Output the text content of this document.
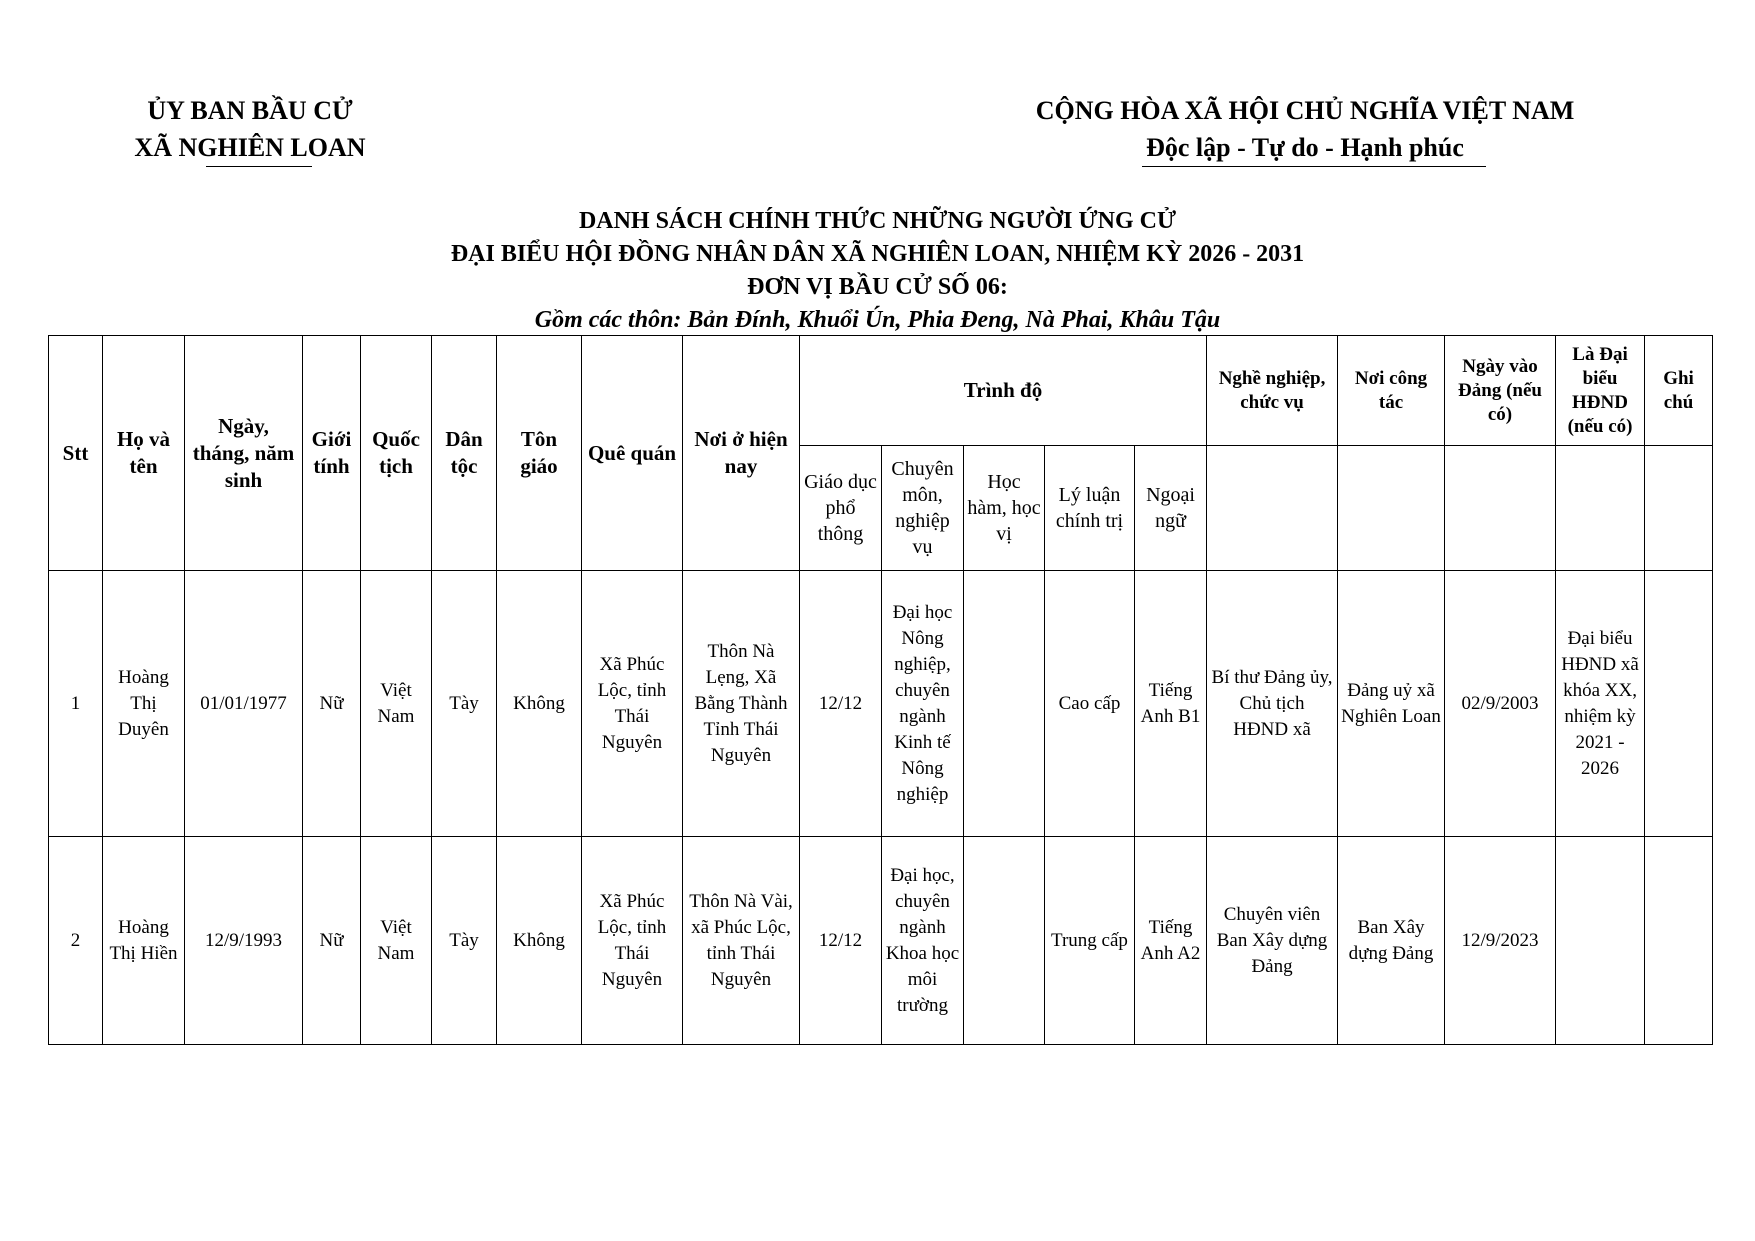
ỦY BAN BẦU CỬ
XÃ NGHIÊN LOAN
CỘNG HÒA XÃ HỘI CHỦ NGHĨA VIỆT NAM
Độc lập - Tự do - Hạnh phúc
DANH SÁCH CHÍNH THỨC NHỮNG NGƯỜI ỨNG CỬ
ĐẠI BIỂU HỘI ĐỒNG NHÂN DÂN XÃ NGHIÊN LOAN, NHIỆM KỲ 2026 - 2031
ĐƠN VỊ BẦU CỬ SỐ 06:
Gồm các thôn: Bản Đính, Khuổi Ún, Phia Đeng, Nà Phai, Khâu Tậu
Stt	Họ và tên	Ngày, tháng, năm sinh	Giới tính	Quốc tịch	Dân tộc	Tôn giáo	Quê quán	Nơi ở hiện nay	Trình độ					Nghề nghiệp, chức vụ	Nơi công tác	Ngày vào Đảng (nếu có)	Là Đại biểu HĐND (nếu có)	Ghi chú
									Giáo dục phổ thông	Chuyên môn, nghiệp vụ	Học hàm, học vị	Lý luận chính trị	Ngoại ngữ					
1	Hoàng Thị Duyên	01/01/1977	Nữ	Việt Nam	Tày	Không	Xã Phúc Lộc, tỉnh Thái Nguyên	Thôn Nà Lẹng, Xã Bằng Thành Tỉnh Thái Nguyên	12/12	Đại học Nông nghiệp, chuyên ngành Kinh tế Nông nghiệp		Cao cấp	Tiếng Anh B1	Bí thư Đảng ủy, Chủ tịch HĐND xã	Đảng uỷ xã Nghiên Loan	02/9/2003	Đại biểu HĐND xã khóa XX, nhiệm kỳ 2021 - 2026	
2	Hoàng Thị Hiền	12/9/1993	Nữ	Việt Nam	Tày	Không	Xã Phúc Lộc, tỉnh Thái Nguyên	Thôn Nà Vài, xã Phúc Lộc, tỉnh Thái Nguyên	12/12	Đại học, chuyên ngành Khoa học môi trường		Trung cấp	Tiếng Anh A2	Chuyên viên Ban Xây dựng Đảng	Ban Xây dựng Đảng	12/9/2023		
